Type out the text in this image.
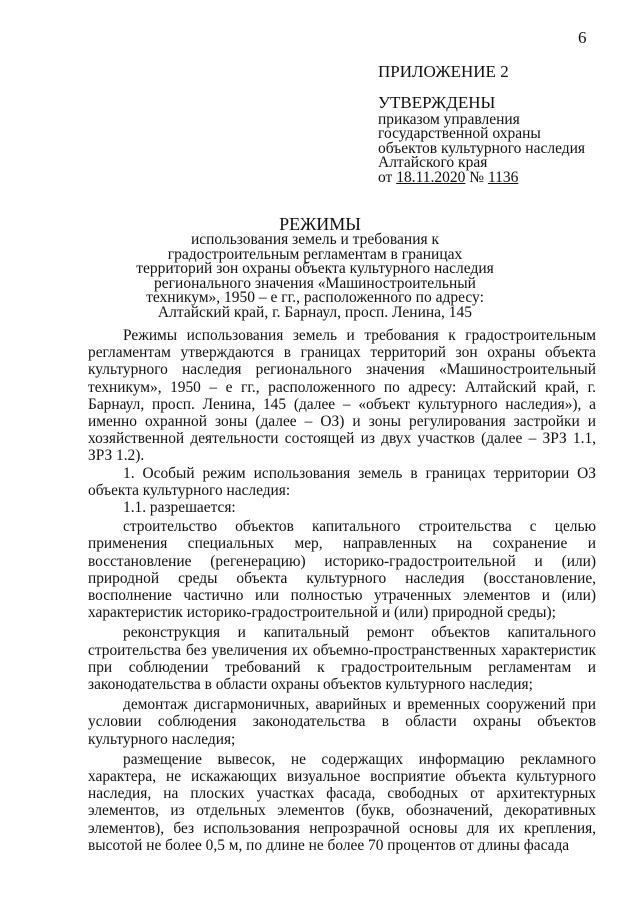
6
ПРИЛОЖЕНИЕ 2
УТВЕРЖДЕНЫ
приказом управления
государственной охраны
объектов культурного наследия
Алтайского края
от 18.11.2020 № 1136
РЕЖИМЫ
использования земель и требования к градостроительным регламентам в границах территорий зон охраны объекта культурного наследия регионального значения «Машиностроительный техникум», 1950 – е гг., расположенного по адресу: Алтайский край, г. Барнаул, просп. Ленина, 145

Режимы использования земель и требования к градостроительным регламентам утверждаются в границах территорий зон охраны объекта культурного наследия регионального значения «Машиностроительный техникум», 1950 – е гг., расположенного по адресу: Алтайский край, г. Барнаул, просп. Ленина, 145 (далее – «объект культурного наследия»), а именно охранной зоны (далее – ОЗ) и зоны регулирования застройки и хозяйственной деятельности состоящей из двух участков (далее – ЗРЗ 1.1, ЗРЗ 1.2).

1. Особый режим использования земель в границах территории ОЗ объекта культурного наследия:

1.1. разрешается:

строительство объектов капитального строительства с целью применения специальных мер, направленных на сохранение и восстановление (регенерацию) историко-градостроительной и (или) природной среды объекта культурного наследия (восстановление, восполнение частично или полностью утраченных элементов и (или) характеристик историко-градостроительной и (или) природной среды);

реконструкция и капитальный ремонт объектов капитального строительства без увеличения их объемно-пространственных характеристик при соблюдении требований к градостроительным регламентам и законодательства в области охраны объектов культурного наследия;

демонтаж дисгармоничных, аварийных и временных сооружений при условии соблюдения законодательства в области охраны объектов культурного наследия;

размещение вывесок, не содержащих информацию рекламного характера, не искажающих визуальное восприятие объекта культурного наследия, на плоских участках фасада, свободных от архитектурных элементов, из отдельных элементов (букв, обозначений, декоративных элементов), без использования непрозрачной основы для их крепления, высотой не более 0,5 м, по длине не более 70 процентов от длины фасада
